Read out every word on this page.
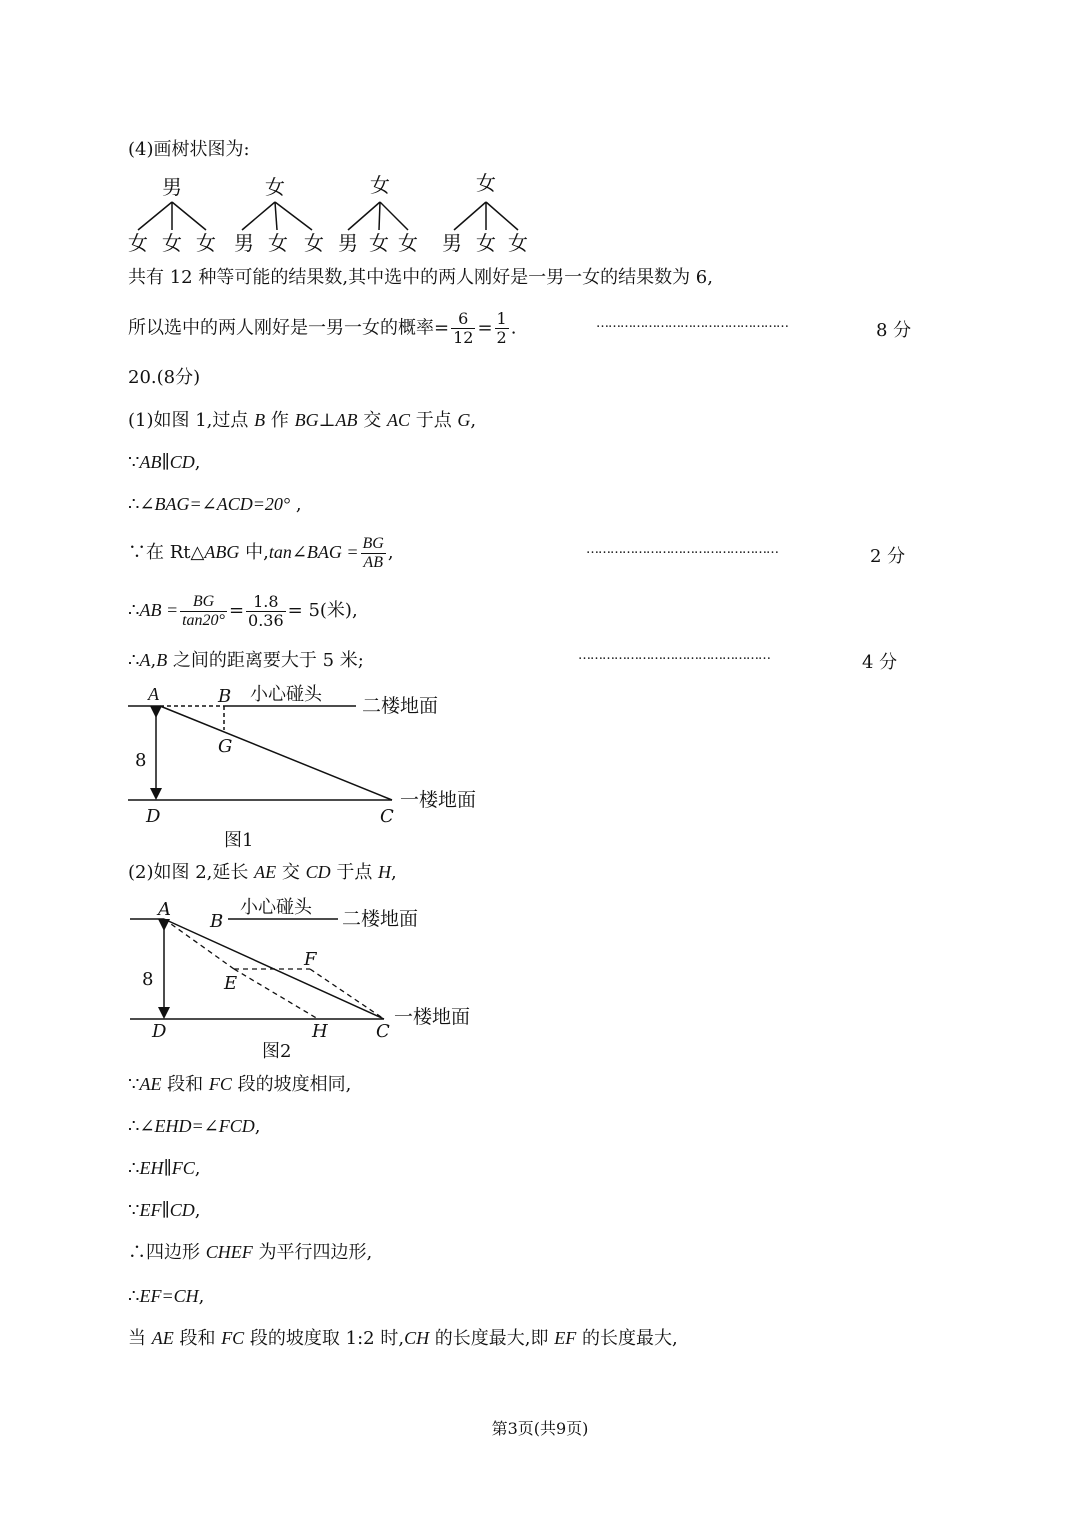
(4)画树状图为:
男	女	女	女
女 女 女 男 女 女 男 女 女 男 女 女
共有 12 种等可能的结果数,其中选中的两人刚好是一男一女的结果数为 6,
所以选中的两人刚好是一男一女的概率= $\frac{6}{12} = \frac{1}{2}$ .	…………………………………………	8 分
20.(8分)
(1)如图 1,过点 B 作 BG⊥AB 交 AC 于点 G,
∵AB∥CD,
∴∠BAG=∠ACD=20° ,
∵在 Rt△ABG 中,tan∠BAG = $\frac{BG}{AB}$ ,	…………………………………………	2 分
∴AB = $\frac{BG}{\tan 20^\circ} = \frac{1.8}{0.36} = 5$(米),
∴A,B 之间的距离要大于 5 米;	…………………………………………	4 分
A	B 小心碰头
二楼地面
G
8
D	C
一楼地面
图1
(2)如图 2,延长 AE 交 CD 于点 H,
A
B
小心碰头
二楼地面
F
E
8
D	H	C
一楼地面
图2
∵AE 段和 FC 段的坡度相同,
∴∠EHD=∠FCD,
∴EH∥FC,
∵EF∥CD,
∴四边形 CHEF 为平行四边形,
∴EF=CH,
当 AE 段和 FC 段的坡度取 1:2 时,CH 的长度最大,即 EF 的长度最大,
第3页(共9页)
